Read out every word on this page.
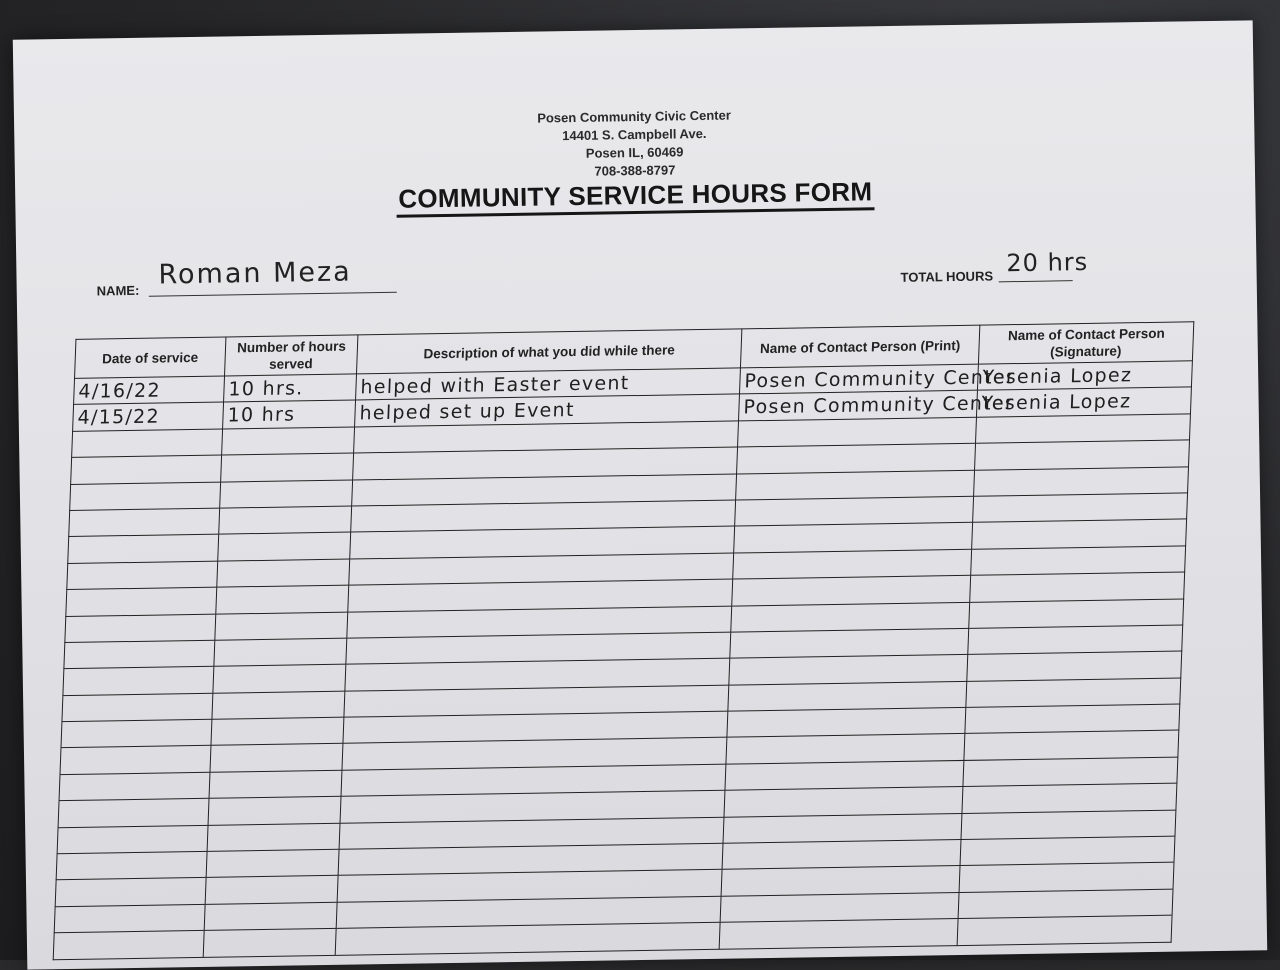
Posen Community Civic Center
14401 S. Campbell Ave.
Posen IL, 60469
708-388-8797
COMMUNITY SERVICE HOURS FORM
NAME:
Roman Meza	TOTAL HOURS 20 hrs
Date of service	Number of hours served	Description of what you did while there	Name of Contact Person (Print)	Name of Contact Person (Signature)
4/16/22	10 hrs.	helped with Easter event	Posen Community Center	Yesenia Lopez
4/15/22	10 hrs	helped set up Event	Posen Community Center	Yesenia Lopez
